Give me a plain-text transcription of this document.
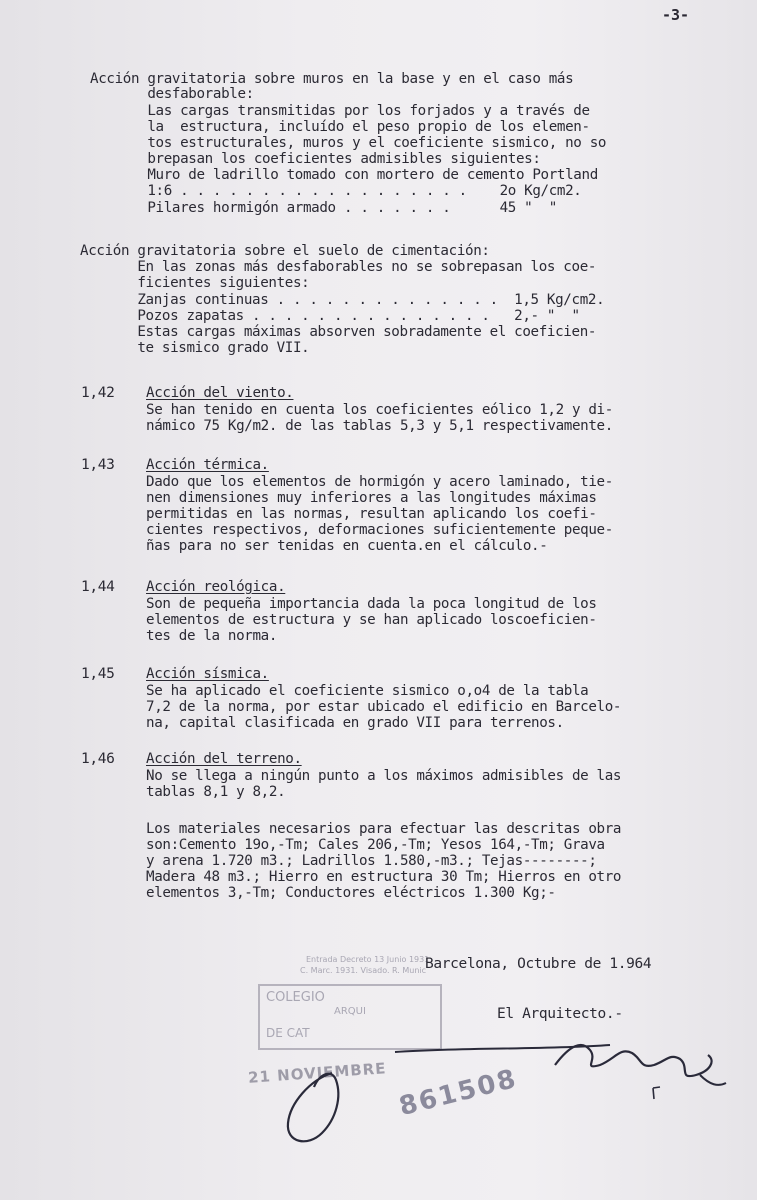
-3-
Acción gravitatoria sobre muros en la base y en el caso más
desfaborable:
Las cargas transmitidas por los forjados y a través de
la  estructura, incluído el peso propio de los elemen-
tos estructurales, muros y el coeficiente sismico, no so
brepasan los coeficientes admisibles siguientes:
Muro de ladrillo tomado con mortero de cemento Portland
1:6 . . . . . . . . . . . . . . . . . .    2o Kg/cm2.
Pilares hormigón armado . . . . . . .      45 "  "
Acción gravitatoria sobre el suelo de cimentación:
En las zonas más desfaborables no se sobrepasan los coe-
ficientes siguientes:
Zanjas continuas . . . . . . . . . . . . . .  1,5 Kg/cm2.
Pozos zapatas . . . . . . . . . . . . . . .   2,- "  "
Estas cargas máximas absorven sobradamente el coeficien-
te sismico grado VII.
1,42 Acción del viento.
Se han tenido en cuenta los coeficientes eólico 1,2 y di-
námico 75 Kg/m2. de las tablas 5,3 y 5,1 respectivamente.
1,43 Acción térmica.
Dado que los elementos de hormigón y acero laminado, tie-
nen dimensiones muy inferiores a las longitudes máximas
permitidas en las normas, resultan aplicando los coefi-
cientes respectivos, deformaciones suficientemente peque-
ñas para no ser tenidas en cuenta.en el cálculo.-
1,44 Acción reológica.
Son de pequeña importancia dada la poca longitud de los
elementos de estructura y se han aplicado loscoeficien-
tes de la norma.
1,45 Acción sísmica.
Se ha aplicado el coeficiente sismico o,o4 de la tabla
7,2 de la norma, por estar ubicado el edificio en Barcelo-
na, capital clasificada en grado VII para terrenos.
1,46 Acción del terreno.
No se llega a ningún punto a los máximos admisibles de las
tablas 8,1 y 8,2.
Los materiales necesarios para efectuar las descritas obra
son:Cemento 19o,-Tm; Cales 206,-Tm; Yesos 164,-Tm; Grava
y arena 1.720 m3.; Ladrillos 1.580,-m3.; Tejas--------;
Madera 48 m3.; Hierro en estructura 30 Tm; Hierros en otro
elementos 3,-Tm; Conductores eléctricos 1.300 Kg;-
Entrada Decreto 13 Junio 1931
C. Marc. 1931. Visado. R. Munic
Barcelona, Octubre de 1.964
COLEGIO
ARQUI
DE CAT
El Arquitecto.-
21 NOVIEMBRE 861508
